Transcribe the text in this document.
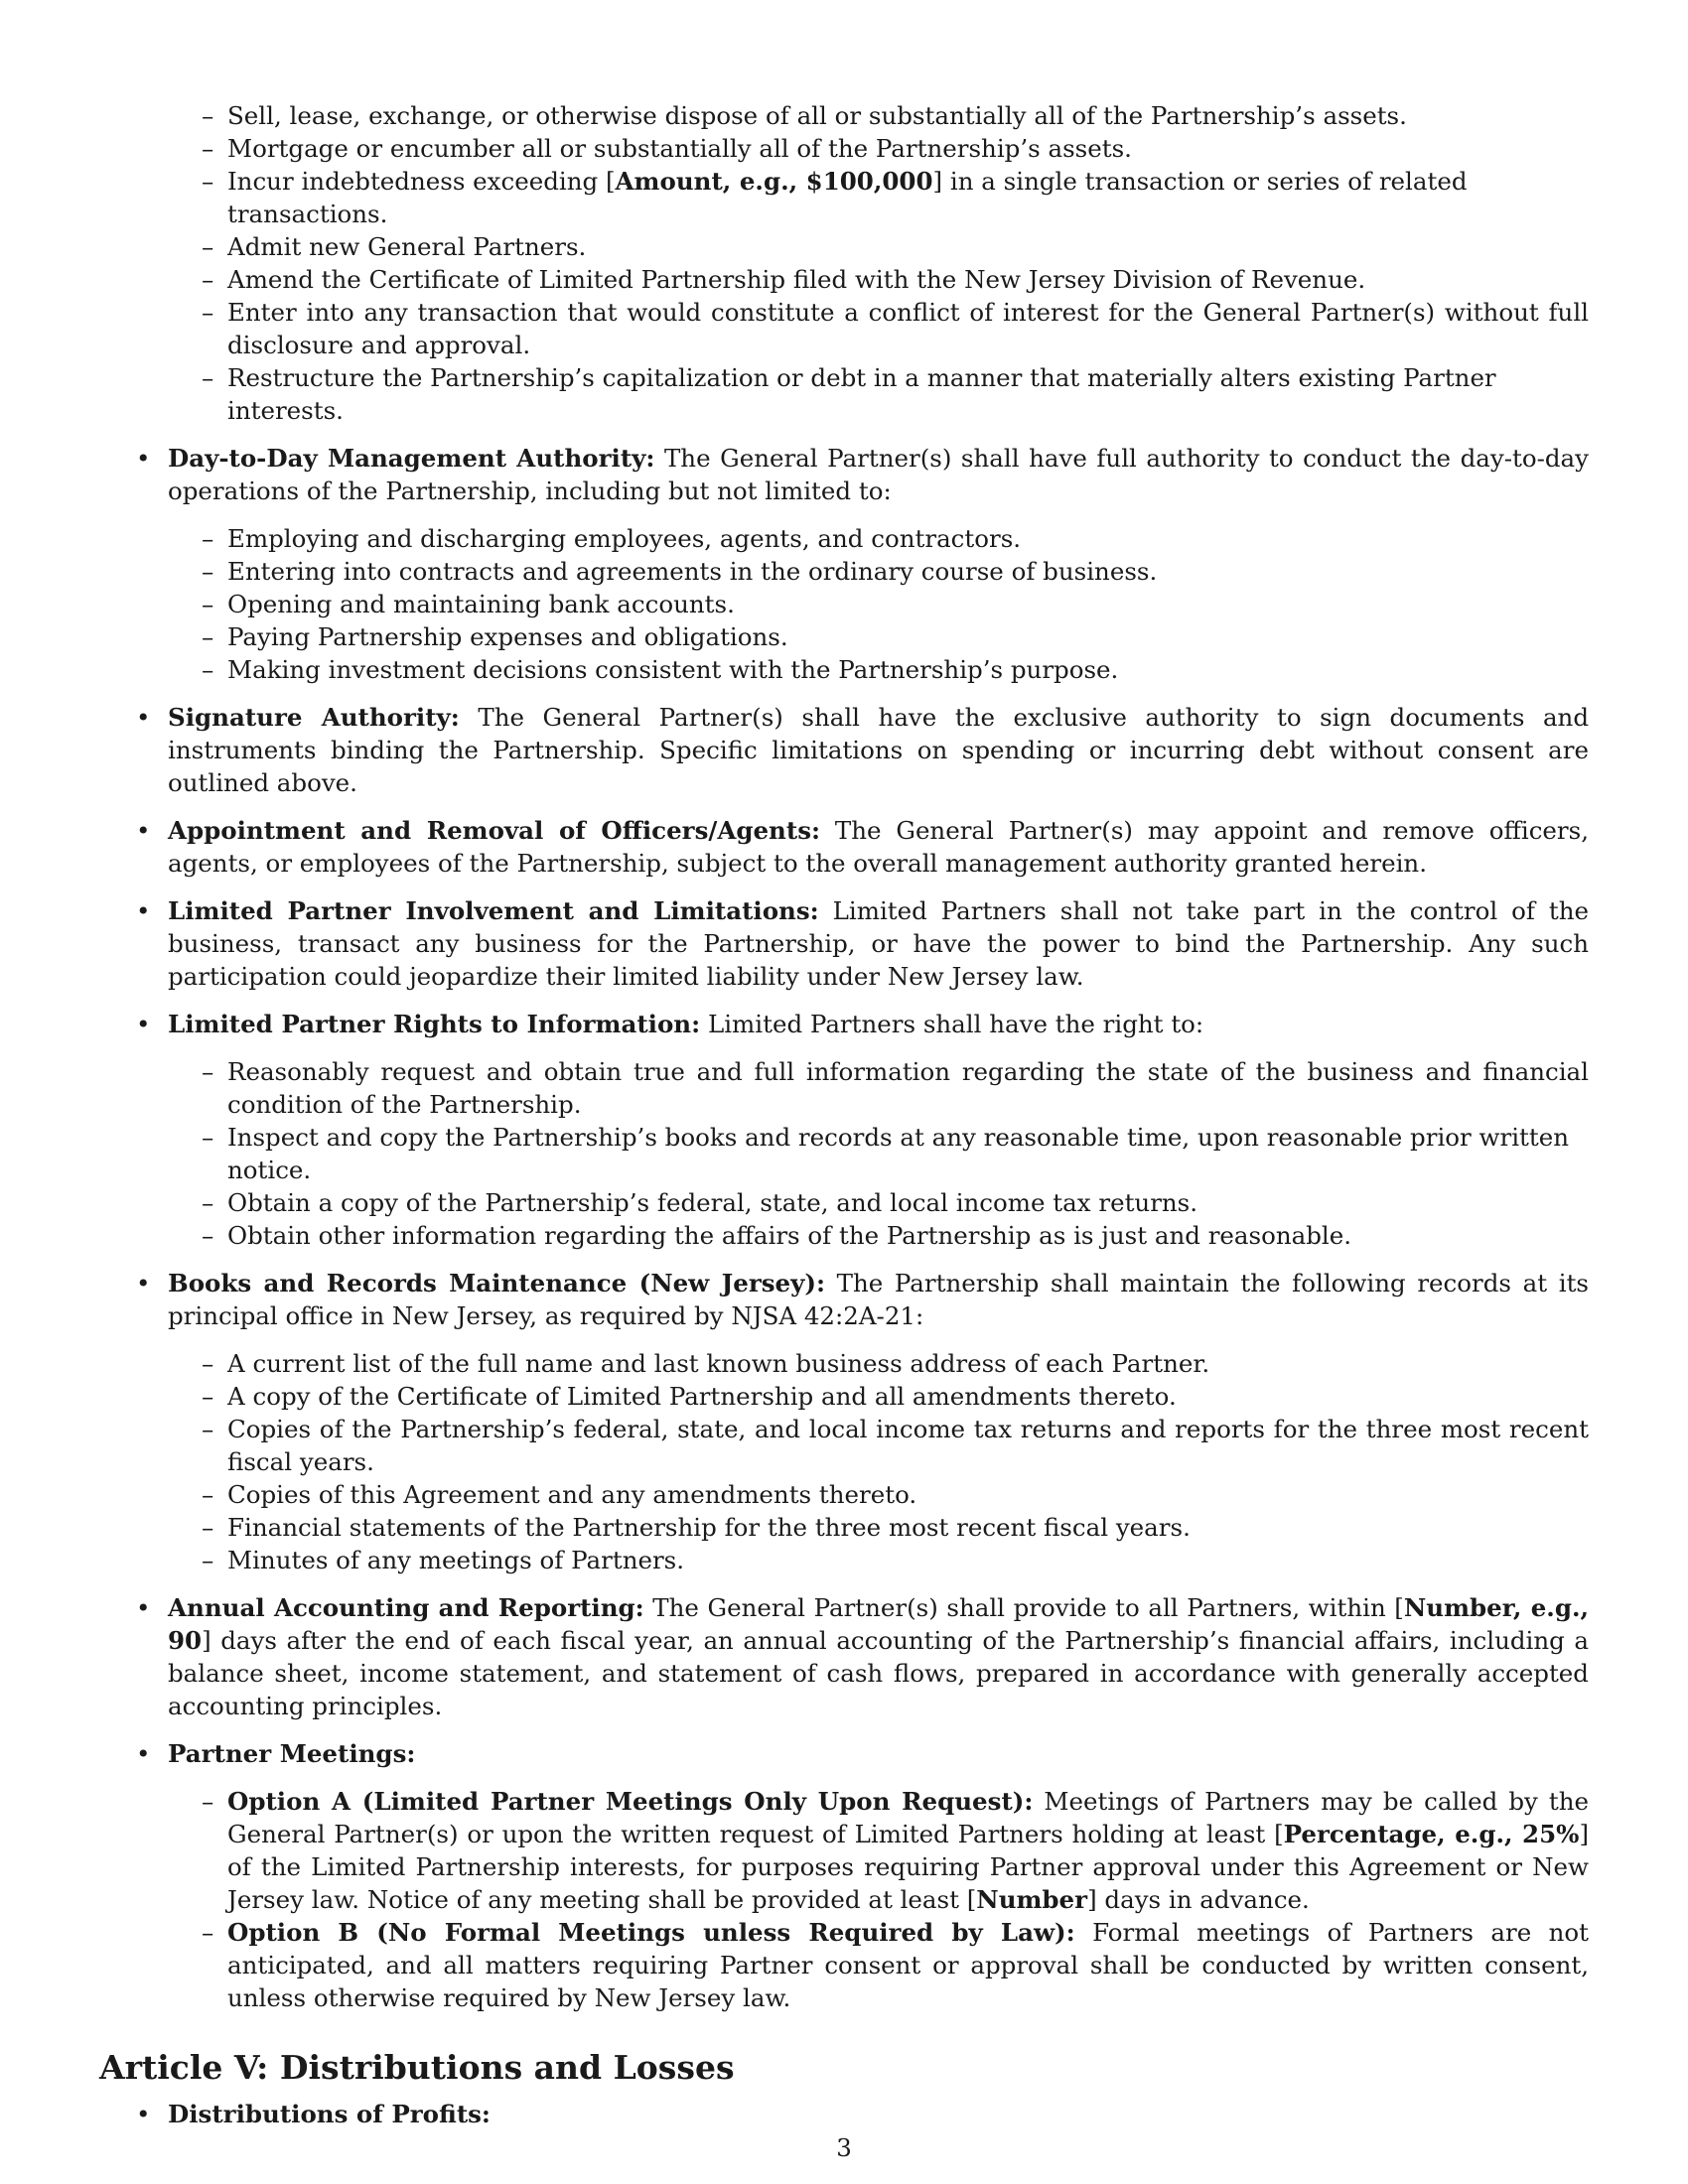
– Sell, lease, exchange, or otherwise dispose of all or substantially all of the Partnership’s assets.
– Mortgage or encumber all or substantially all of the Partnership’s assets.
– Incur indebtedness exceeding [Amount, e.g., $100,000] in a single transaction or series of related transactions.
– Admit new General Partners.
– Amend the Certificate of Limited Partnership filed with the New Jersey Division of Revenue.
– Enter into any transaction that would constitute a conflict of interest for the General Partner(s) without full disclosure and approval.
– Restructure the Partnership’s capitalization or debt in a manner that materially alters existing Partner interests.
• Day-to-Day Management Authority: The General Partner(s) shall have full authority to conduct the day-to-day operations of the Partnership, including but not limited to:
– Employing and discharging employees, agents, and contractors.
– Entering into contracts and agreements in the ordinary course of business.
– Opening and maintaining bank accounts.
– Paying Partnership expenses and obligations.
– Making investment decisions consistent with the Partnership’s purpose.
• Signature Authority: The General Partner(s) shall have the exclusive authority to sign documents and instruments binding the Partnership. Specific limitations on spending or incurring debt without consent are outlined above.
• Appointment and Removal of Officers/Agents: The General Partner(s) may appoint and remove officers, agents, or employees of the Partnership, subject to the overall management authority granted herein.
• Limited Partner Involvement and Limitations: Limited Partners shall not take part in the control of the business, transact any business for the Partnership, or have the power to bind the Partnership. Any such participation could jeopardize their limited liability under New Jersey law.
• Limited Partner Rights to Information: Limited Partners shall have the right to:
– Reasonably request and obtain true and full information regarding the state of the business and financial condition of the Partnership.
– Inspect and copy the Partnership’s books and records at any reasonable time, upon reasonable prior written notice.
– Obtain a copy of the Partnership’s federal, state, and local income tax returns.
– Obtain other information regarding the affairs of the Partnership as is just and reasonable.
• Books and Records Maintenance (New Jersey): The Partnership shall maintain the following records at its principal office in New Jersey, as required by NJSA 42:2A-21:
– A current list of the full name and last known business address of each Partner.
– A copy of the Certificate of Limited Partnership and all amendments thereto.
– Copies of the Partnership’s federal, state, and local income tax returns and reports for the three most recent fiscal years.
– Copies of this Agreement and any amendments thereto.
– Financial statements of the Partnership for the three most recent fiscal years.
– Minutes of any meetings of Partners.
• Annual Accounting and Reporting: The General Partner(s) shall provide to all Partners, within [Number, e.g., 90] days after the end of each fiscal year, an annual accounting of the Partnership’s financial affairs, including a balance sheet, income statement, and statement of cash flows, prepared in accordance with generally accepted accounting principles.
• Partner Meetings:
– Option A (Limited Partner Meetings Only Upon Request): Meetings of Partners may be called by the General Partner(s) or upon the written request of Limited Partners holding at least [Percentage, e.g., 25%] of the Limited Partnership interests, for purposes requiring Partner approval under this Agreement or New Jersey law. Notice of any meeting shall be provided at least [Number] days in advance.
– Option B (No Formal Meetings unless Required by Law): Formal meetings of Partners are not anticipated, and all matters requiring Partner consent or approval shall be conducted by written consent, unless otherwise required by New Jersey law.
Article V: Distributions and Losses
• Distributions of Profits:
3
